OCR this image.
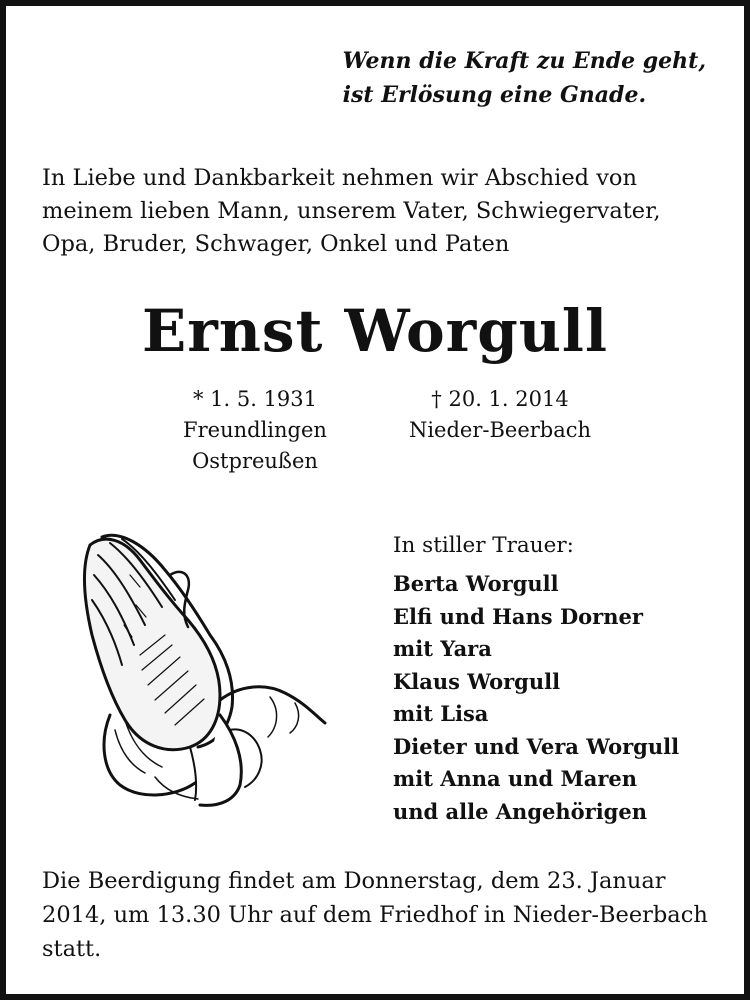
Wenn die Kraft zu Ende geht,
ist Erlösung eine Gnade.
In Liebe und Dankbarkeit nehmen wir Abschied von
meinem lieben Mann, unserem Vater, Schwiegervater,
Opa, Bruder, Schwager, Onkel und Paten
Ernst Worgull
* 1. 5. 1931
Freundlingen
Ostpreußen
† 20. 1. 2014
Nieder-Beerbach
In stiller Trauer:
Berta Worgull
Elfi und Hans Dorner
mit Yara
Klaus Worgull
mit Lisa
Dieter und Vera Worgull
mit Anna und Maren
und alle Angehörigen
Die Beerdigung findet am Donnerstag, dem 23. Januar
2014, um 13.30 Uhr auf dem Friedhof in Nieder-Beerbach
statt.
